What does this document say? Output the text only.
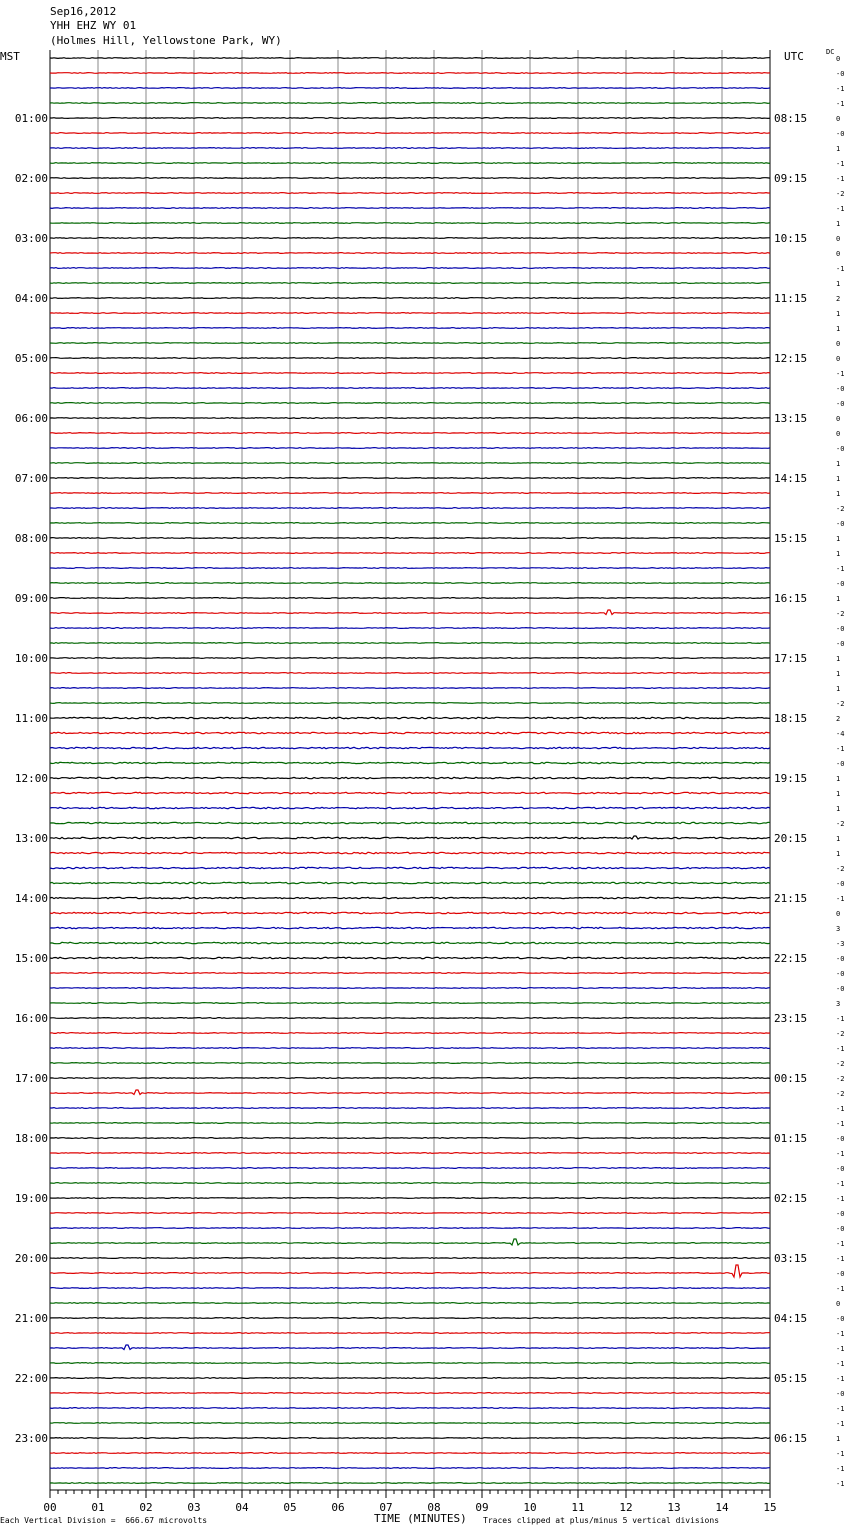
Sep16,2012
YHH EHZ WY 01
(Holmes Hill, Yellowstone Park, WY)
MST	UTC	DC
0
-0
-1
-1
0
-0
1
-1
-1
-2
-1
1
0
0
-1
1
2
1
1
0
0
-1
-0
-0
0
0
-0
1
1
1
-2
-0
1
1
-1
-0
1
-2
-0
-0
1
1
1
-2
2
-4
-1
-0
1
1
1
-2
1
1
-2
-0
-1
0
3
-3
-0
-0
-0
3
-1
-2
-1
-2
-2
-2
-1
-1
-0
-1
-0
-1
-1
-0
-0
-1
-1
-0
-1
0
-0
-1
-1
-1
-1
-0
-1
-1
1
-1
-1
-1
01:00
02:00
03:00
04:00
05:00
06:00
07:00
08:00
09:00
10:00
11:00
12:00
13:00
14:00
15:00
16:00
17:00
18:00
19:00
20:00
21:00
22:00
23:00
08:15
09:15
10:15
11:15
12:15
13:15
14:15
15:15
16:15
17:15
18:15
19:15
20:15
21:15
22:15
23:15
00:15
01:15
02:15
03:15
04:15
05:15
06:15
00	01	02	03	04	05	06	07	08	09	10	11	12	13	14	15
Each Vertical Division =  666.67 microvolts	TIME (MINUTES) Traces clipped at plus/minus 5 vertical divisions
